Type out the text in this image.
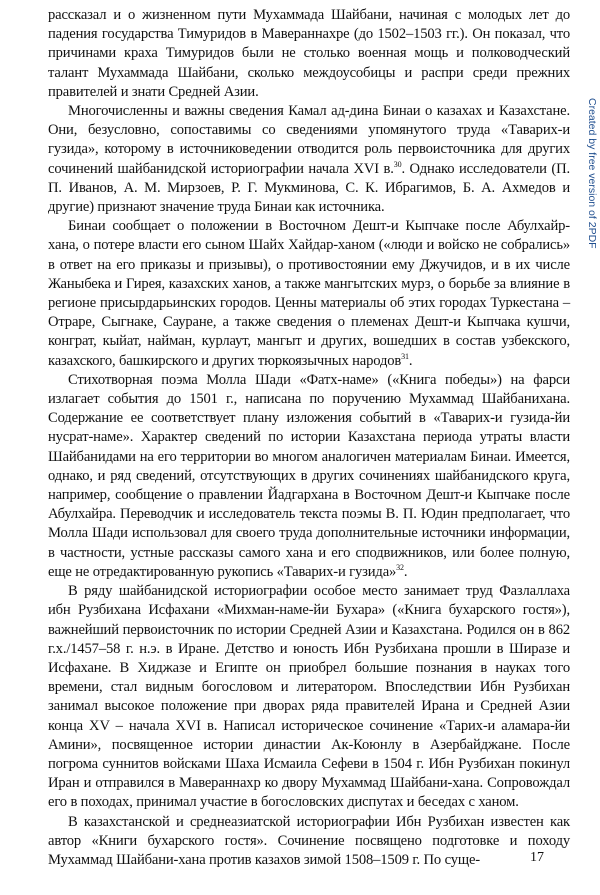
рассказал и о жизненном пути Мухаммада Шайбани, начиная с молодых лет до падения государства Тимуридов в Мавераннахре (до 1502–1503 гг.). Он показал, что причинами краха Тимуридов были не столько военная мощь и полководческий талант Мухаммада Шайбани, сколько междоусобицы и распри среди прежних правителей и знати Средней Азии.

Многочисленны и важны сведения Камал ад-дина Бинаи о казахах и Казахстане. Они, безусловно, сопоставимы со сведениями упомянутого труда «Таварих-и гузида», которому в источниковедении отводится роль первоисточника для других сочинений шайбанидской историографии начала XVI в.$^{30}$. Однако исследователи (П. П. Иванов, А. М. Мирзоев, Р. Г. Мукминова, С. К. Ибрагимов, Б. А. Ахмедов и другие) признают значение труда Бинаи как источника.

Бинаи сообщает о положении в Восточном Дешт-и Кыпчаке после Абулхайр-хана, о потере власти его сыном Шайх Хайдар-ханом («люди и войско не собрались» в ответ на его приказы и призывы), о противостоянии ему Джучидов, и в их числе Жаныбека и Гирея, казахских ханов, а также мангытских мурз, о борьбе за влияние в регионе присырдарьинских городов. Ценны материалы об этих городах Туркестана – Отраре, Сыгнаке, Сауране, а также сведения о племенах Дешт-и Кыпчака кушчи, конграт, кыйат, найман, курлаут, мангыт и других, вошедших в состав узбекского, казахского, башкирского и других тюркоязычных народов$^{31}$.

Стихотворная поэма Молла Шади «Фатх-наме» («Книга победы») на фарси излагает события до 1501 г., написана по поручению Мухаммад Шайбанихана. Содержание ее соответствует плану изложения событий в «Таварих-и гузида-йи нусрат-наме». Характер сведений по истории Казахстана периода утраты власти Шайбанидами на его территории во многом аналогичен материалам Бинаи. Имеется, однако, и ряд сведений, отсутствующих в других сочинениях шайбанидского круга, например, сообщение о правлении Йадгархана в Восточном Дешт-и Кыпчаке после Абулхайра. Переводчик и исследователь текста поэмы В. П. Юдин предполагает, что Молла Шади использовал для своего труда дополнительные источники информации, в частности, устные рассказы самого хана и его сподвижников, или более полную, еще не отредактированную рукопись «Таварих-и гузида»$^{32}$.

В ряду шайбанидской историографии особое место занимает труд Фазлаллаха ибн Рузбихана Исфахани «Михман-наме-йи Бухара» («Книга бухарского гостя»), важнейший первоисточник по истории Средней Азии и Казахстана. Родился он в 862 г.х./1457–58 г. н.э. в Иране. Детство и юность Ибн Рузбихана прошли в Ширазе и Исфахане. В Хиджазе и Египте он приобрел большие познания в науках того времени, стал видным богословом и литератором. Впоследствии Ибн Рузбихан занимал высокое положение при дворах ряда правителей Ирана и Средней Азии конца XV – начала XVI в. Написал историческое сочинение «Тарих-и аламара-йи Амини», посвященное истории династии Ак-Коюнлу в Азербайджане. После погрома суннитов войсками Шаха Исмаила Сефеви в 1504 г. Ибн Рузбихан покинул Иран и отправился в Мавераннахр ко двору Мухаммад Шайбани-хана. Сопровождал его в походах, принимал участие в богословских диспутах и беседах с ханом.

В казахстанской и среднеазиатской историографии Ибн Рузбихан известен как автор «Книги бухарского гостя». Сочинение посвящено подготовке и походу Мухаммад Шайбани-хана против казахов зимой 1508–1509 г. По суще-

Created by free version of 2PDF
17
